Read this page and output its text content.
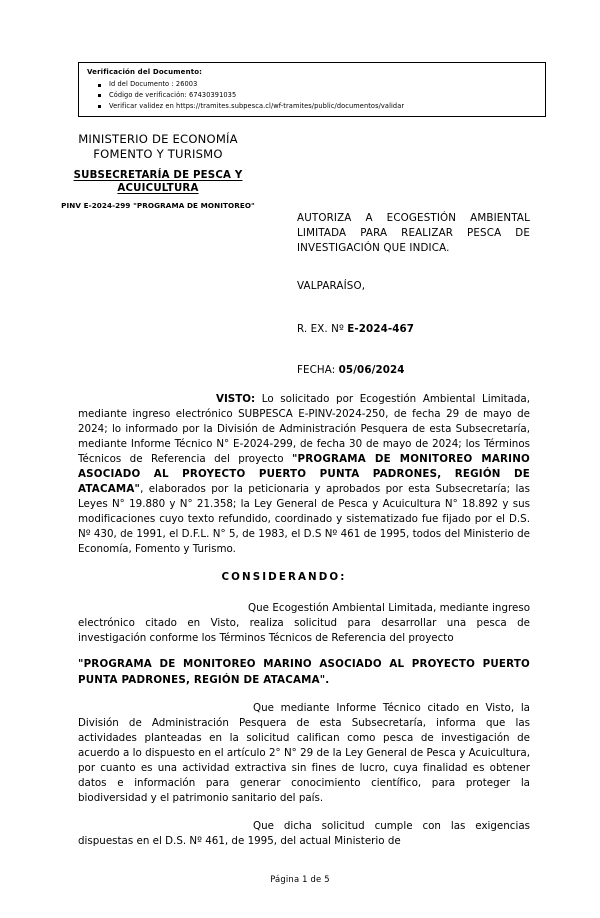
Verificación del Documento:
Id del Documento : 26003
Código de verificación: 67430391035
Verificar validez en https://tramites.subpesca.cl/wf-tramites/public/documentos/validar
MINISTERIO DE ECONOMÍA
FOMENTO Y TURISMO
SUBSECRETARÍA DE PESCA Y
ACUICULTURA
PINV E-2024-299 "PROGRAMA DE MONITOREO"
AUTORIZA A ECOGESTIÓN AMBIENTAL LIMITADA PARA REALIZAR PESCA DE INVESTIGACIÓN QUE INDICA.
VALPARAÍSO,
R. EX. Nº E-2024-467
FECHA: 05/06/2024

VISTO: Lo solicitado por Ecogestión Ambiental Limitada, mediante ingreso electrónico SUBPESCA E-PINV-2024-250, de fecha 29 de mayo de 2024; lo informado por la División de Administración Pesquera de esta Subsecretaría, mediante Informe Técnico N° E-2024-299, de fecha 30 de mayo de 2024; los Términos Técnicos de Referencia del proyecto "PROGRAMA DE MONITOREO MARINO ASOCIADO AL PROYECTO PUERTO PUNTA PADRONES, REGIÓN DE ATACAMA", elaborados por la peticionaria y aprobados por esta Subsecretaría; las Leyes N° 19.880 y N° 21.358; la Ley General de Pesca y Acuicultura N° 18.892 y sus modificaciones cuyo texto refundido, coordinado y sistematizado fue fijado por el D.S. Nº 430, de 1991, el D.F.L. N° 5, de 1983, el D.S Nº 461 de 1995, todos del Ministerio de Economía, Fomento y Turismo.

CONSIDERANDO:

Que Ecogestión Ambiental Limitada, mediante ingreso electrónico citado en Visto, realiza solicitud para desarrollar una pesca de investigación conforme los Términos Técnicos de Referencia del proyecto

"PROGRAMA DE MONITOREO MARINO ASOCIADO AL PROYECTO PUERTO PUNTA PADRONES, REGIÓN DE ATACAMA".

Que mediante Informe Técnico citado en Visto, la División de Administración Pesquera de esta Subsecretaría, informa que las actividades planteadas en la solicitud califican como pesca de investigación de acuerdo a lo dispuesto en el artículo 2° N° 29 de la Ley General de Pesca y Acuicultura, por cuanto es una actividad extractiva sin fines de lucro, cuya finalidad es obtener datos e información para generar conocimiento científico, para proteger la biodiversidad y el patrimonio sanitario del país.

Que dicha solicitud cumple con las exigencias dispuestas en el D.S. Nº 461, de 1995, del actual Ministerio de

Página 1 de 5
